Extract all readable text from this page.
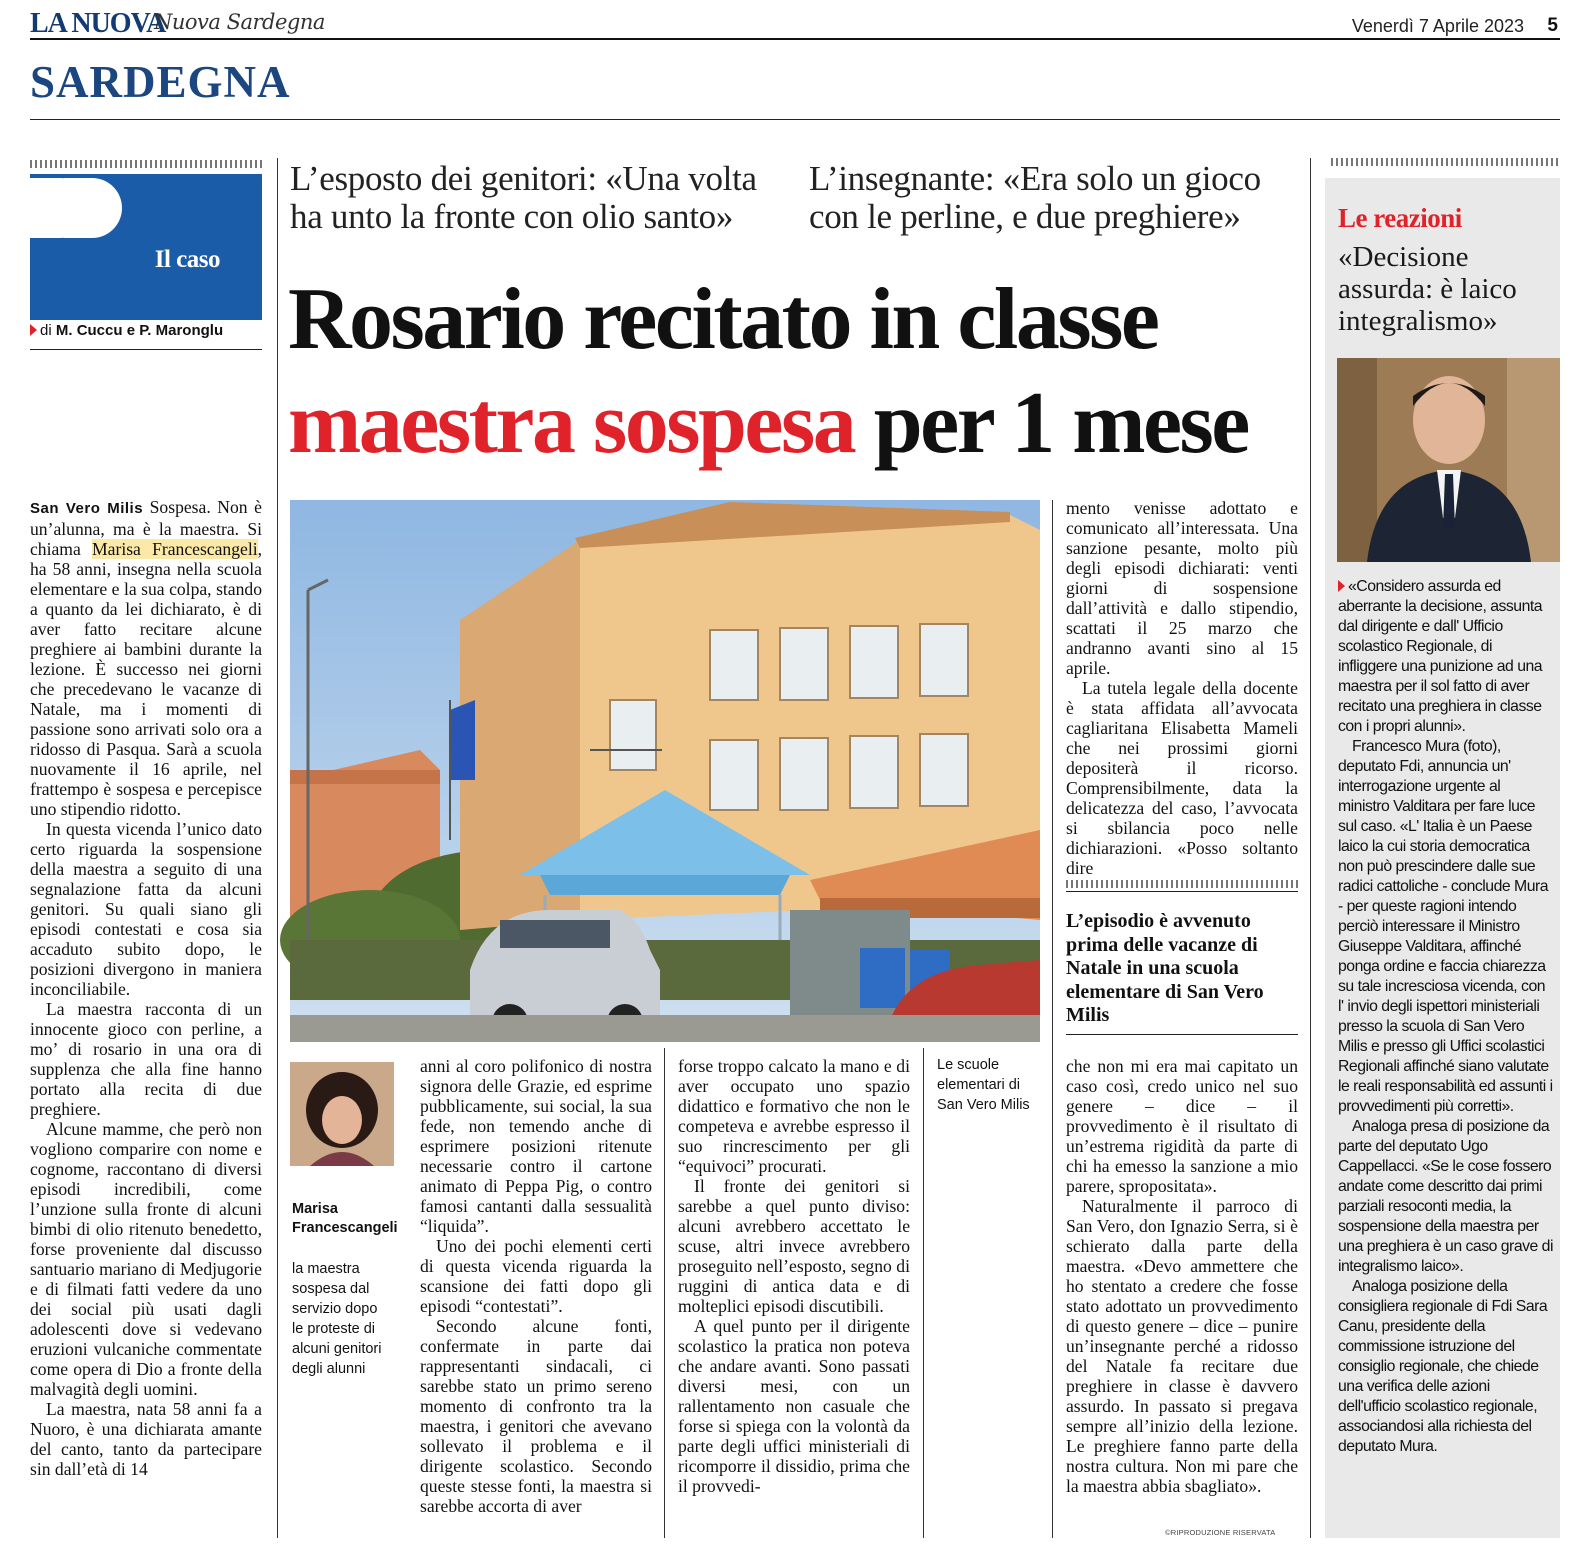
LA NUOVA
Nuova Sardegna	Venerdì 7 Aprile 2023 5
SARDEGNA
Il caso
di M. Cuccu e P. Maronglu
L’esposto dei genitori: «Una volta
ha unto la fronte con olio santo»
L’insegnante: «Era solo un gioco
con le perline, e due preghiere»
Rosario recitato in classe
maestra sospesa per 1 mese

San Vero Milis Sospesa. Non è un’alunna, ma è la maestra. Si chiama Marisa Francescangeli, ha 58 anni, insegna nella scuola elementare e la sua colpa, stando a quanto da lei dichiarato, è di aver fatto recitare alcune preghiere ai bambini durante la lezione. È successo nei giorni che precedevano le vacanze di Natale, ma i momenti di passione sono arrivati solo ora a ridosso di Pasqua. Sarà a scuola nuovamente il 16 aprile, nel frattempo è sospesa e percepisce uno stipendio ridotto.

In questa vicenda l’unico dato certo riguarda la sospensione della maestra a seguito di una segnalazione fatta da alcuni genitori. Su quali siano gli episodi contestati e cosa sia accaduto subito dopo, le posizioni divergono in maniera inconciliabile.

La maestra racconta di un innocente gioco con perline, a mo’ di rosario in una ora di supplenza che alla fine hanno portato alla recita di due preghiere.

Alcune mamme, che però non vogliono comparire con nome e cognome, raccontano di diversi episodi incredibili, come l’unzione sulla fronte di alcuni bimbi di olio ritenuto benedetto, forse proveniente dal discusso santuario mariano di Medjugorie e di filmati fatti vedere da uno dei social più usati dagli adolescenti dove si vedevano eruzioni vulcaniche commentate come opera di Dio a fronte della malvagità degli uomini.

La maestra, nata 58 anni fa a Nuoro, è una dichiarata amante del canto, tanto da partecipare sin dall’età di 14

Marisa Francescangeli
la maestra sospesa dal servizio dopo le proteste di alcuni genitori degli alunni

anni al coro polifonico di nostra signora delle Grazie, ed esprime pubblicamente, sui social, la sua fede, non temendo anche di esprimere posizioni ritenute necessarie contro il cartone animato di Peppa Pig, o contro famosi cantanti dalla sessualità “liquida”.

Uno dei pochi elementi certi di questa vicenda riguarda la scansione dei fatti dopo gli episodi “contestati”.

Secondo alcune fonti, confermate in parte dai rappresentanti sindacali, ci sarebbe stato un primo sereno momento di confronto tra la maestra, i genitori che avevano sollevato il problema e il dirigente scolastico. Secondo queste stesse fonti, la maestra si sarebbe accorta di aver

forse troppo calcato la mano e di aver occupato uno spazio didattico e formativo che non le competeva e avrebbe espresso il suo rincrescimento per gli “equivoci” procurati.

Il fronte dei genitori si sarebbe a quel punto diviso: alcuni avrebbero accettato le scuse, altri invece avrebbero proseguito nell’esposto, segno di ruggini di antica data e di molteplici episodi discutibili.

A quel punto per il dirigente scolastico la pratica non poteva che andare avanti. Sono passati diversi mesi, con un rallentamento non casuale che forse si spiega con la volontà da parte degli uffici ministeriali di ricomporre il dissidio, prima che il provvedi-

Le scuole elementari di San Vero Milis

mento venisse adottato e comunicato all’interessata. Una sanzione pesante, molto più degli episodi dichiarati: venti giorni di sospensione dall’attività e dallo stipendio, scattati il 25 marzo che andranno avanti sino al 15 aprile.

La tutela legale della docente è stata affidata all’avvocata cagliaritana Elisabetta Mameli che nei prossimi giorni depositerà il ricorso. Comprensibilmente, data la delicatezza del caso, l’avvocata si sbilancia poco nelle dichiarazioni. «Posso soltanto dire

L’episodio è avvenuto prima delle vacanze di Natale in una scuola elementare di San Vero Milis

che non mi era mai capitato un caso così, credo unico nel suo genere – dice – il provvedimento è il risultato di un’estrema rigidità da parte di chi ha emesso la sanzione a mio parere, spropositata».

Naturalmente il parroco di San Vero, don Ignazio Serra, si è schierato dalla parte della maestra. «Devo ammettere che ho stentato a credere che fosse stato adottato un provvedimento di questo genere – dice – punire un’insegnante perché a ridosso del Natale fa recitare due preghiere in classe è davvero assurdo. In passato si pregava sempre all’inizio della lezione. Le preghiere fanno parte della nostra cultura. Non mi pare che la maestra abbia sbagliato».

©RIPRODUZIONE RISERVATA
Le reazioni
«Decisione assurda: è laico integralismo»

«Considero assurda ed aberrante la decisione, assunta dal dirigente e dall' Ufficio scolastico Regionale, di infliggere una punizione ad una maestra per il sol fatto di aver recitato una preghiera in classe con i propri alunni».

Francesco Mura (foto), deputato Fdi, annuncia un' interrogazione urgente al ministro Valditara per fare luce sul caso. «L' Italia è un Paese laico la cui storia democratica non può prescindere dalle sue radici cattoliche - conclude Mura - per queste ragioni intendo perciò interessare il Ministro Giuseppe Valditara, affinché ponga ordine e faccia chiarezza su tale incresciosa vicenda, con l' invio degli ispettori ministeriali presso la scuola di San Vero Milis e presso gli Uffici scolastici Regionali affinché siano valutate le reali responsabilità ed assunti i provvedimenti più corretti».

Analoga presa di posizione da parte del deputato Ugo Cappellacci. «Se le cose fossero andate come descritto dai primi parziali resoconti media, la sospensione della maestra per una preghiera è un caso grave di integralismo laico».

Analoga posizione della consigliera regionale di Fdi Sara Canu, presidente della commissione istruzione del consiglio regionale, che chiede una verifica delle azioni dell'ufficio scolastico regionale, associandosi alla richiesta del deputato Mura.
